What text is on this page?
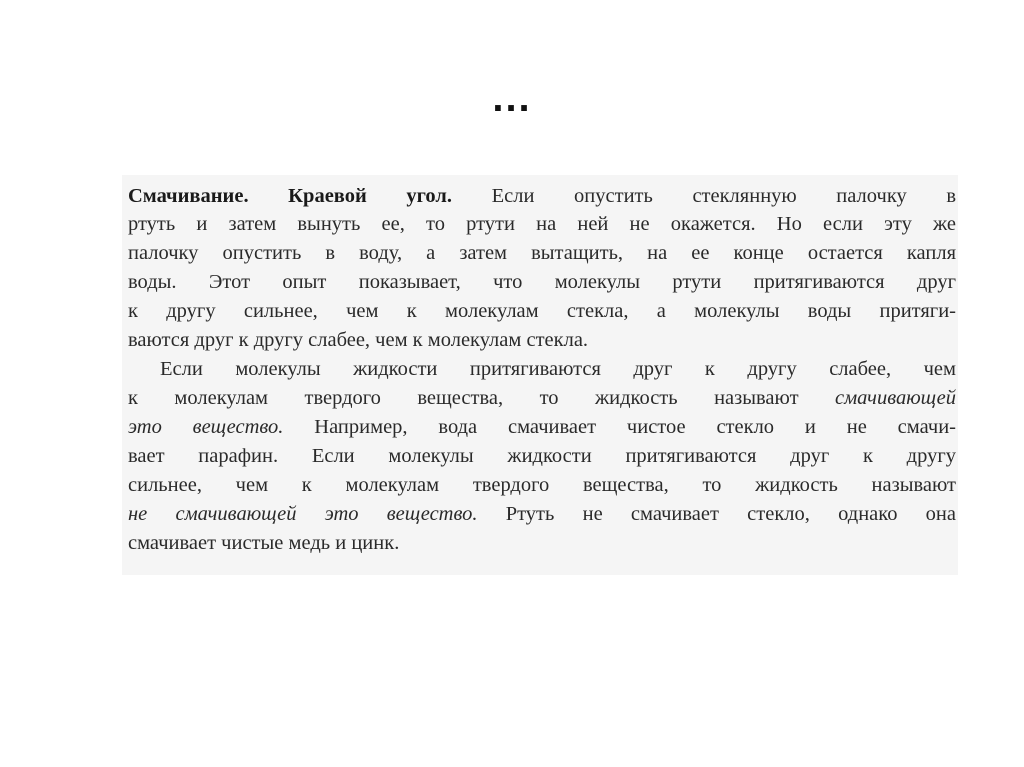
...
Смачивание. Краевой угол. Если опустить стеклянную палочку в
ртуть и затем вынуть ее, то ртути на ней не окажется. Но если эту же
палочку опустить в воду, а затем вытащить, на ее конце остается капля
воды. Этот опыт показывает, что молекулы ртути притягиваются друг
к другу сильнее, чем к молекулам стекла, а молекулы воды притяги-
ваются друг к другу слабее, чем к молекулам стекла.
Если молекулы жидкости притягиваются друг к другу слабее, чем
к молекулам твердого вещества, то жидкость называют смачивающей
это вещество. Например, вода смачивает чистое стекло и не смачи-
вает парафин. Если молекулы жидкости притягиваются друг к другу
сильнее, чем к молекулам твердого вещества, то жидкость называют
не смачивающей это вещество. Ртуть не смачивает стекло, однако она
смачивает чистые медь и цинк.
